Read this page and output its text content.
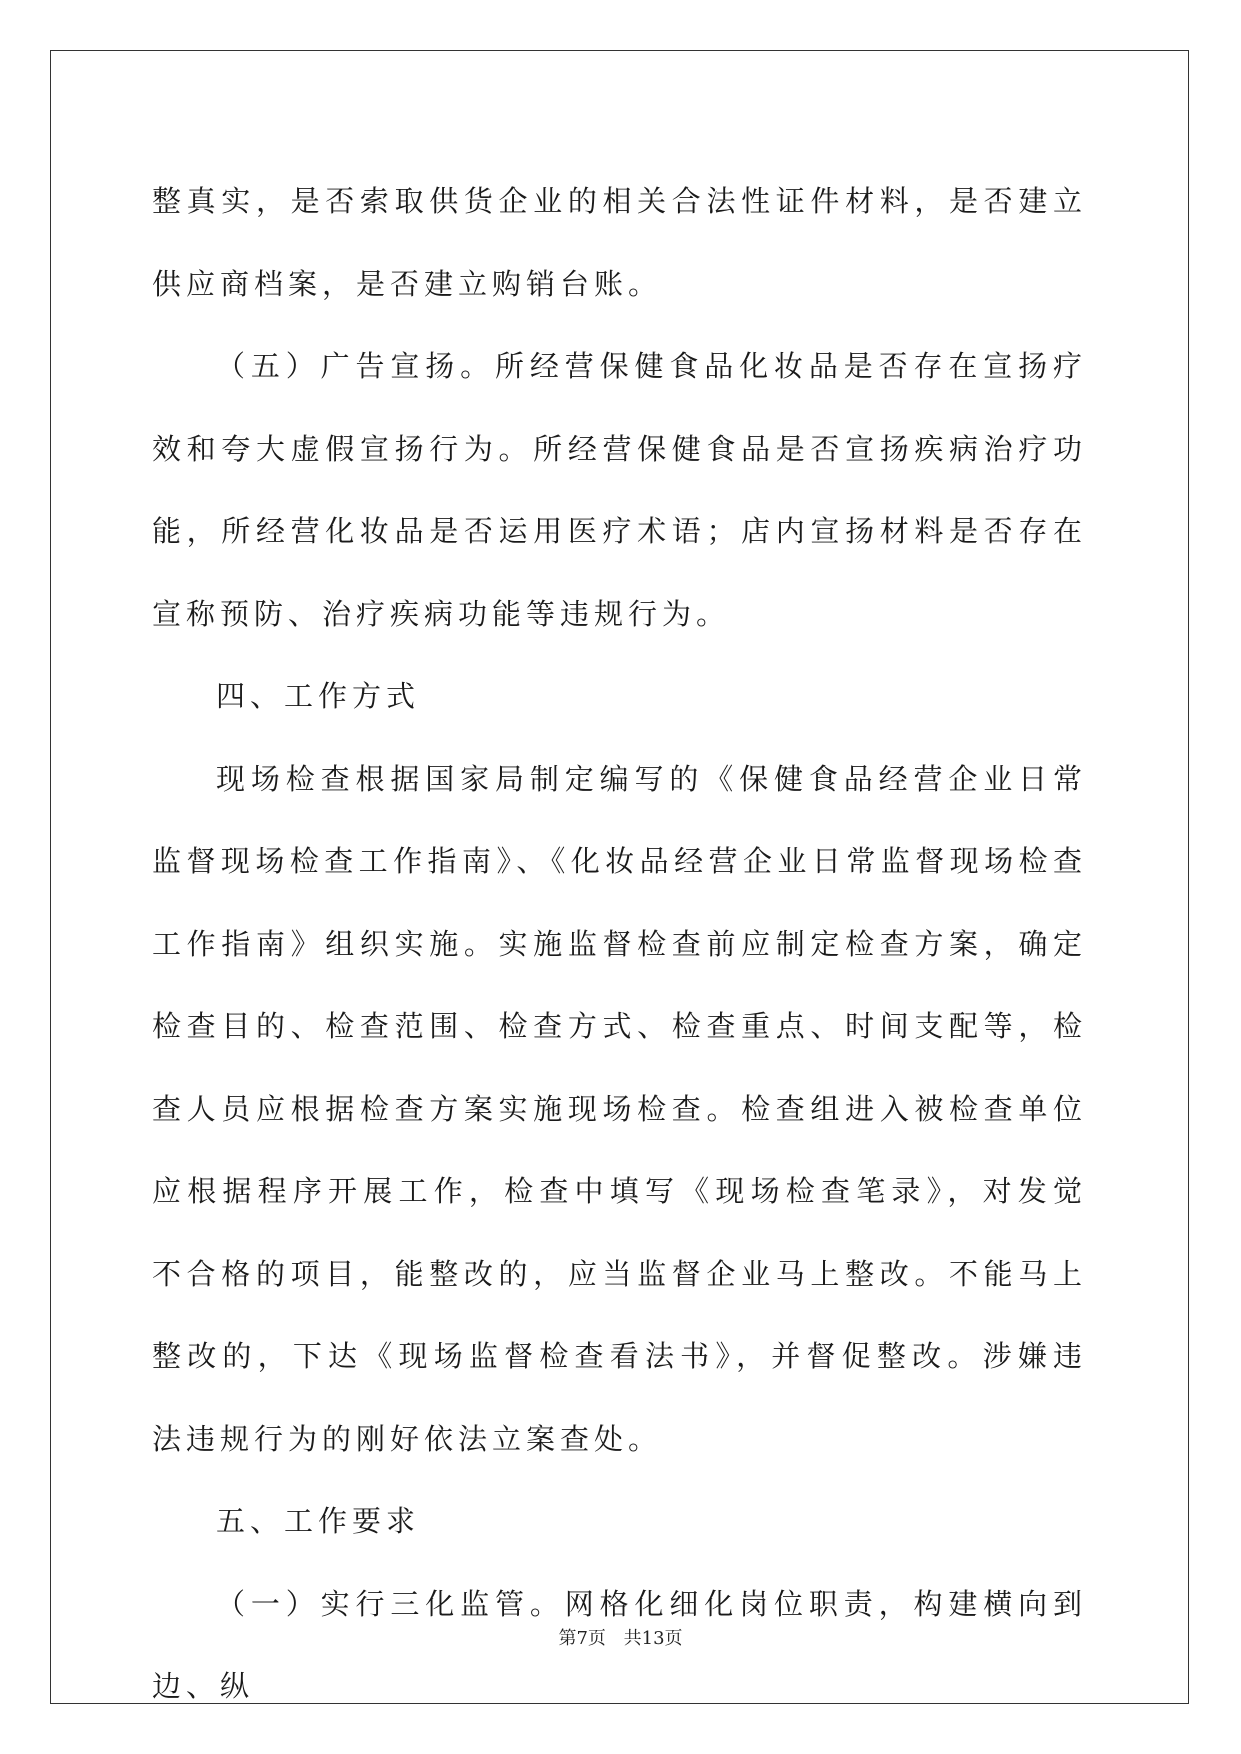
整真实，是否索取供货企业的相关合法性证件材料，是否建立供应商档案，是否建立购销台账。

（五）广告宣扬。所经营保健食品化妆品是否存在宣扬疗效和夸大虚假宣扬行为。所经营保健食品是否宣扬疾病治疗功能，所经营化妆品是否运用医疗术语；店内宣扬材料是否存在宣称预防、治疗疾病功能等违规行为。

四、工作方式

现场检查根据国家局制定编写的《保健食品经营企业日常监督现场检查工作指南》、《化妆品经营企业日常监督现场检查工作指南》组织实施。实施监督检查前应制定检查方案，确定检查目的、检查范围、检查方式、检查重点、时间支配等，检查人员应根据检查方案实施现场检查。检查组进入被检查单位应根据程序开展工作，检查中填写《现场检查笔录》，对发觉不合格的项目，能整改的，应当监督企业马上整改。不能马上整改的，下达《现场监督检查看法书》，并督促整改。涉嫌违法违规行为的刚好依法立案查处。

五、工作要求

（一）实行三化监管。网格化细化岗位职责，构建横向到边、纵

第7页 共13页
